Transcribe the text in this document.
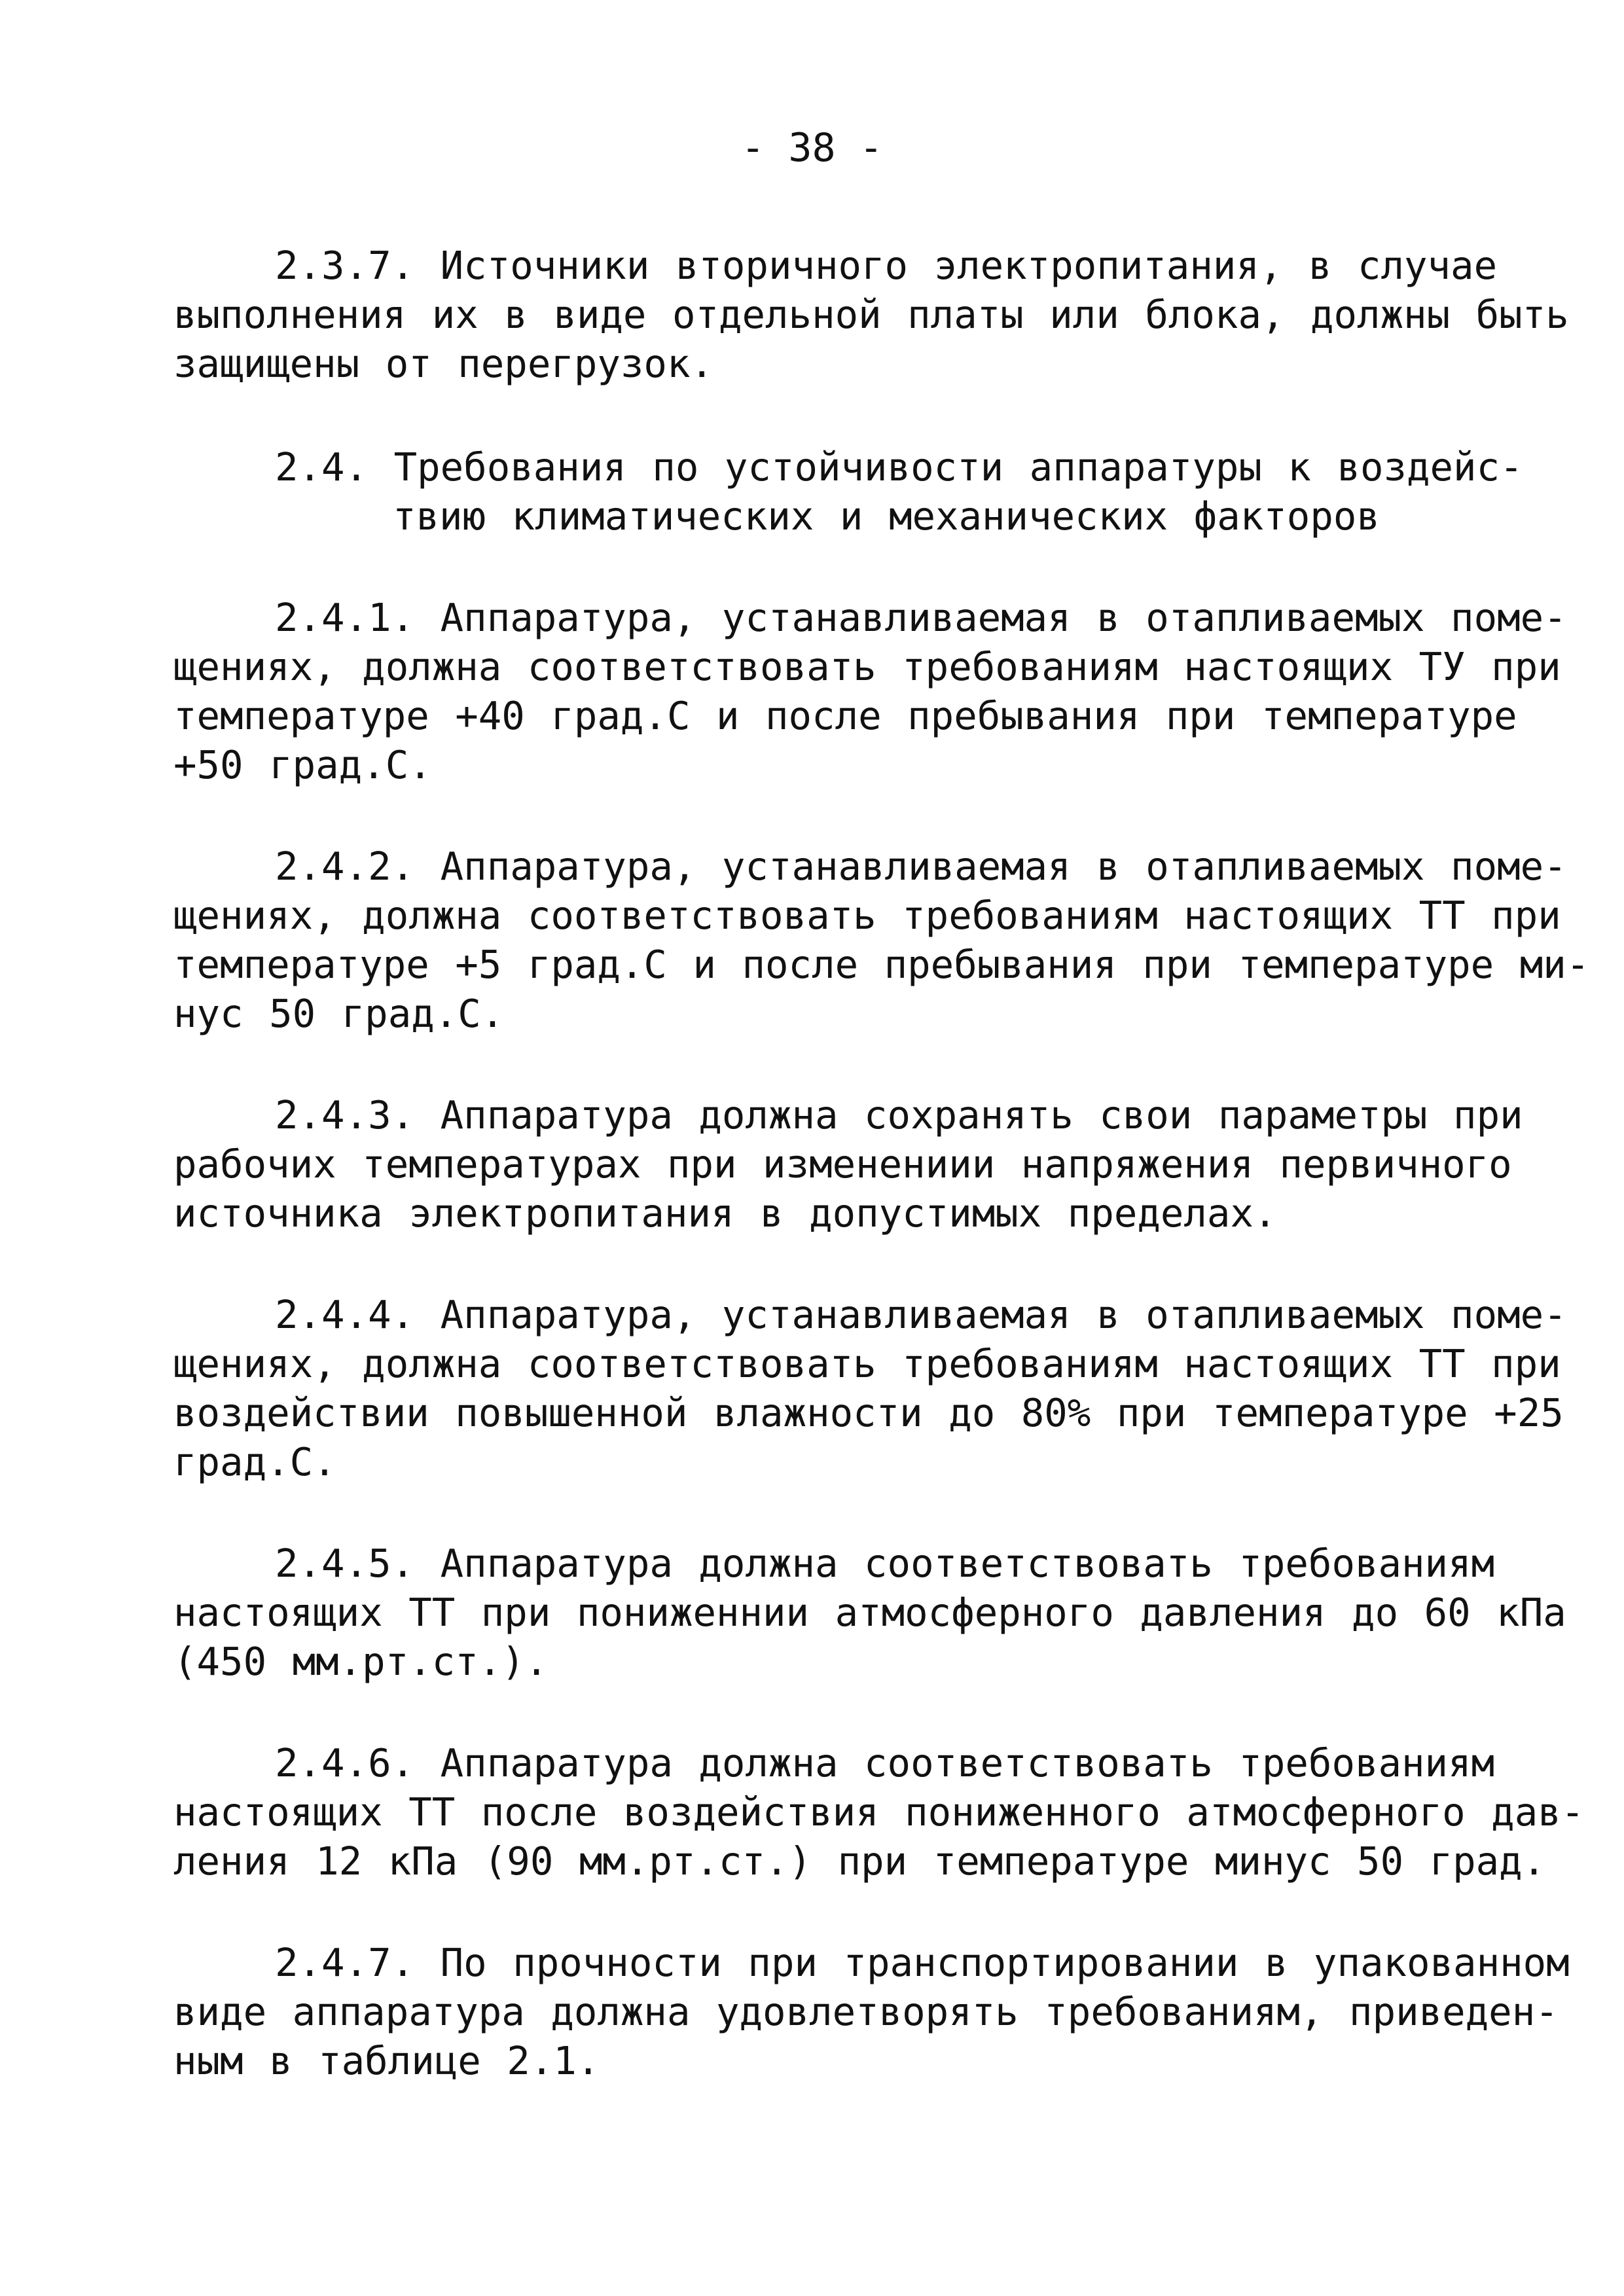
- 38 -
2.3.7. Источники вторичного электропитания, в случае
выполнения их в виде отдельной платы или блока, должны быть
защищены от перегрузок.
2.4. Требования по устойчивости аппаратуры к воздейс-
твию климатических и механических факторов
2.4.1. Аппаратура, устанавливаемая в отапливаемых поме-
щениях, должна соответствовать требованиям настоящих ТУ при
температуре +40 град.С и после пребывания при температуре
+50 град.С.
2.4.2. Аппаратура, устанавливаемая в отапливаемых поме-
щениях, должна соответствовать требованиям настоящих ТТ при
температуре +5 град.С и после пребывания при температуре ми-
нус 50 град.С.
2.4.3. Аппаратура должна сохранять свои параметры при
рабочих температурах при изменениии напряжения первичного
источника электропитания в допустимых пределах.
2.4.4. Аппаратура, устанавливаемая в отапливаемых поме-
щениях, должна соответствовать требованиям настоящих ТТ при
воздействии повышенной влажности до 80% при температуре +25
град.С.
2.4.5. Аппаратура должна соответствовать требованиям
настоящих ТТ при пониженнии атмосферного давления до 60 кПа
(450 мм.рт.ст.).
2.4.6. Аппаратура должна соответствовать требованиям
настоящих ТТ после воздействия пониженного атмосферного дав-
ления 12 кПа (90 мм.рт.ст.) при температуре минус 50 град.
2.4.7. По прочности при транспортировании в упакованном
виде аппаратура должна удовлетворять требованиям, приведен-
ным в таблице 2.1.
